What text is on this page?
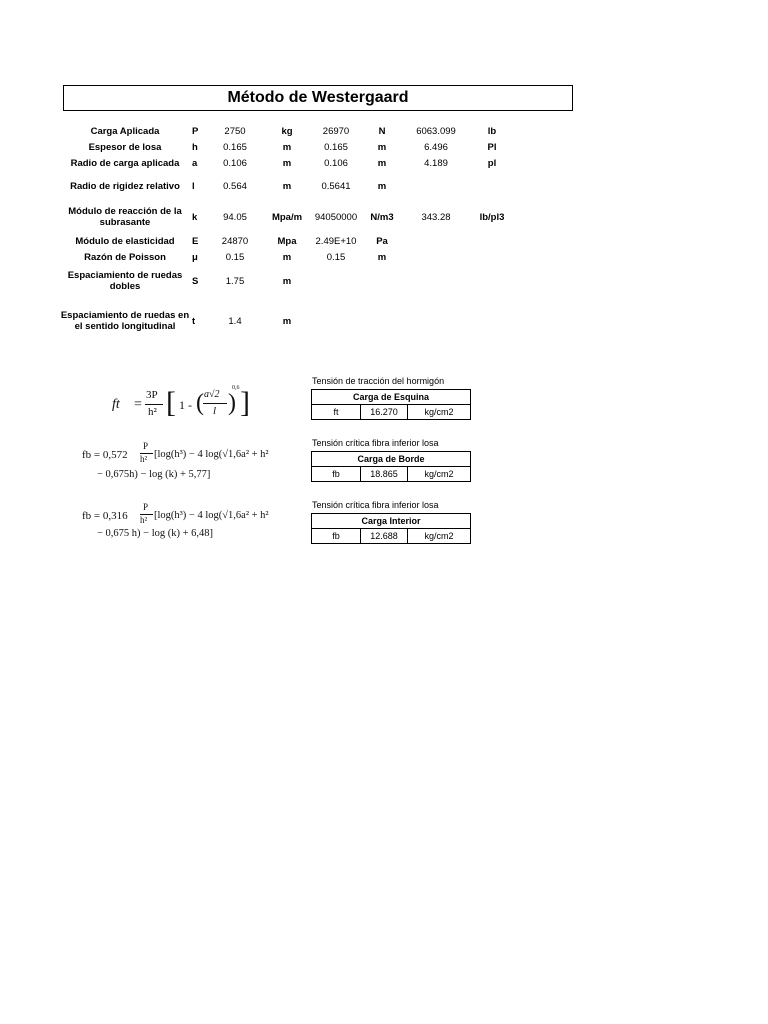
Método de Westergaard
Carga Aplicada	P	2750	kg	26970	N	6063.099	lb
Espesor de losa	h	0.165	m	0.165	m	6.496	Pl
Radio de carga aplicada	a	0.106	m	0.106	m	4.189	pl
Radio de rigidez relativo	l	0.564	m	0.5641	m
Módulo de reacción de la subrasante	k	94.05	Mpa/m	94050000	N/m3	343.28	lb/pl3
Módulo de elasticidad	E	24870	Mpa	2.49E+10	Pa
Razón de Poisson	μ	0.15	m	0.15	m
Espaciamiento de ruedas dobles	S	1.75	m
Espaciamiento de ruedas en el sentido longitudinal	t	1.4	m
ft =
3P
h² [ 1 - ( a√2
l )
0,6 ]
fb = 0,572
P
h² [log(h³) − 4 log(√1,6a² + h²
− 0,675h) − log (k) + 5,77]
fb = 0,316
P
h² [log(h³) − 4 log(√1,6a² + h²
− 0,675 h) − log (k) + 6,48]
Tensión de tracción del hormigón
Carga de Esquina
ft	16.270	kg/cm2
Tensión crítica fibra inferior losa
Carga de Borde
fb	18.865	kg/cm2
Tensión crítica fibra inferior losa
Carga Interior
fb	12.688	kg/cm2
